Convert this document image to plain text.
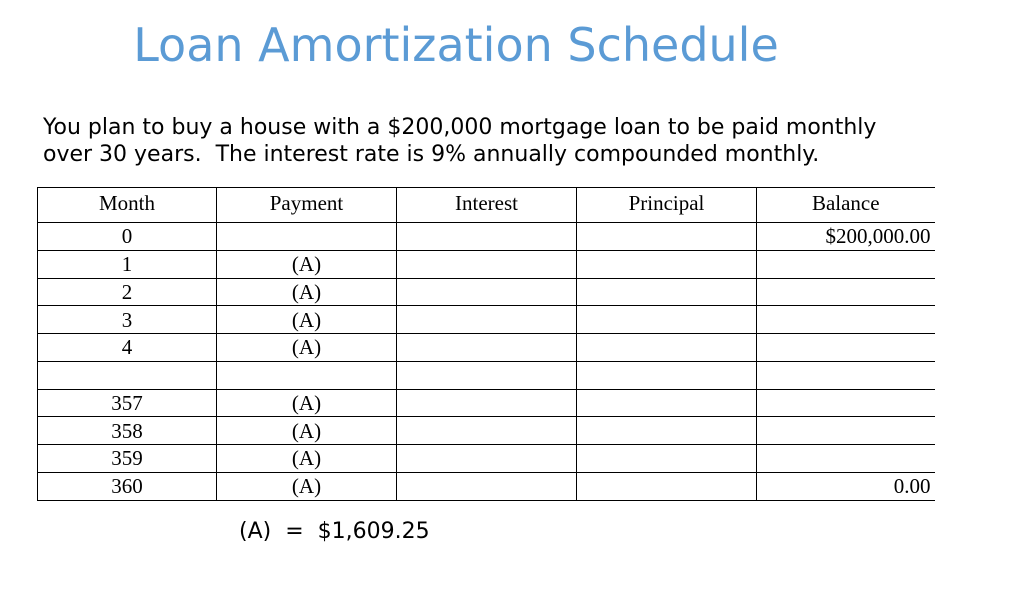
Loan Amortization Schedule
You plan to buy a house with a $200,000 mortgage loan to be paid monthly
over 30 years.  The interest rate is 9% annually compounded monthly.
Month	Payment	Interest	Principal	Balance
0				$200,000.00
1	(A)			
2	(A)			
3	(A)			
4	(A)			

357	(A)			
358	(A)			
359	(A)			
360	(A)			0.00
(A)  =  $1,609.25
